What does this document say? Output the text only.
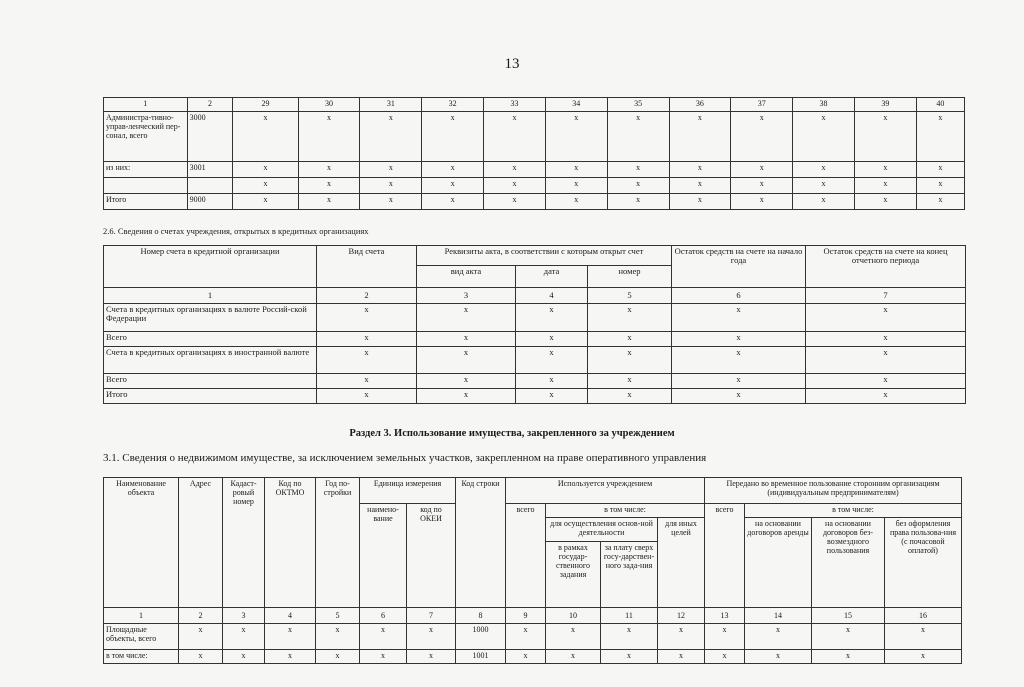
13
1	2	29	30	31	32	33	34	35	36	37	38	39	40
Администра-тивно-управ-ленческий пер-сонал, всего	3000	х	х	х	х	х	х	х	х	х	х	х	х
из них:	3001	х	х	х	х	х	х	х	х	х	х	х	х
		х	х	х	х	х	х	х	х	х	х	х	х
Итого	9000	х	х	х	х	х	х	х	х	х	х	х	х
2.6. Сведения о счетах учреждения, открытых в кредитных организациях
Номер счета в кредитной организации	Вид счета	Реквизиты акта, в соответствии с которым открыт счет			Остаток средств на счете на начало года	Остаток средств на счете на конец отчетного периода
		вид акта	дата	номер		
1	2	3	4	5	6	7
Счета в кредитных организациях в валюте Россий-ской Федерации	х	х	х	х	х	х
Всего	х	х	х	х	х	х
Счета в кредитных организациях в иностранной валюте	х	х	х	х	х	х
Всего	х	х	х	х	х	х
Итого	х	х	х	х	х	х
Раздел 3. Использование имущества, закрепленного за учреждением
3.1. Сведения о недвижимом имуществе, за исключением земельных участков, закрепленном на праве оперативного управления
Наименование объекта	Адрес	Кадаст-ровый номер	Код по ОКТМО	Год по-стройки	Единица измерения		Код строки	Используется учреждением				Передано во временное пользование сторонним организациям (индивидуальным предпринимателям)			
					наимено-вание	код по ОКЕИ		всего	в том числе:			всего	в том числе:		
									для осуществления основ-ной деятельности		для иных целей		на основании договоров аренды	на основании договоров без-возмездного пользования	без оформления права пользова-ния (с почасовой оплатой)
									в рамках государ-ственного задания	за плату сверх госу-дарствен-ного зада-ния					
1	2	3	4	5	6	7	8	9	10	11	12	13	14	15	16
Площадные объекты, всего	х	х	х	х	х	х	1000	х	х	х	х	х	х	х	х
в том числе:	х	х	х	х	х	х	1001	х	х	х	х	х	х	х	х
